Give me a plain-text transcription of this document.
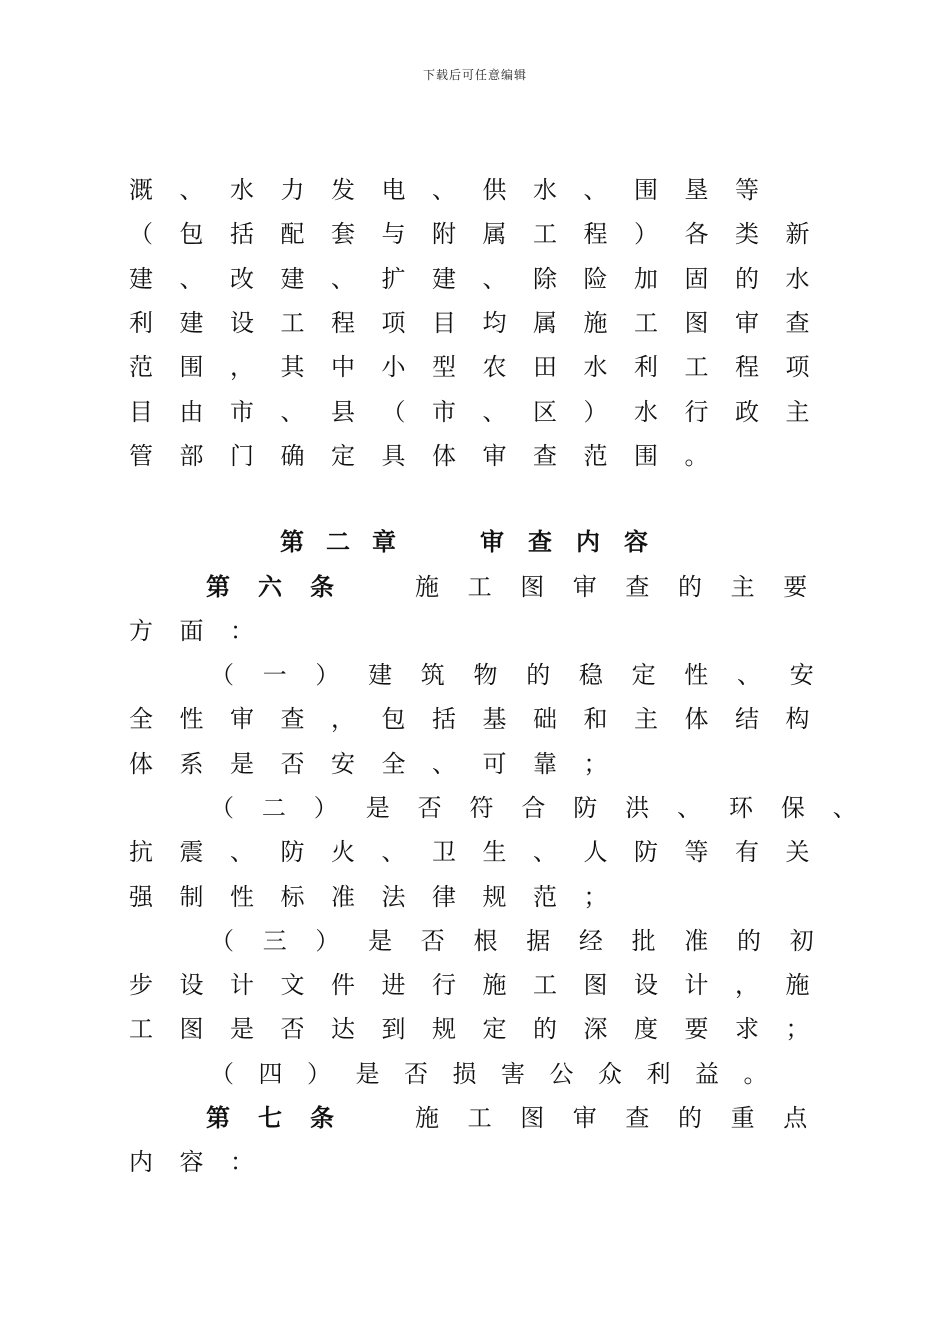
下载后可任意编辑
溉	、	水	力	发	电	、	供	水	、	围	垦	等
（	包	括	配	套	与	附	属	工	程	）	各	类	新
建	、	改	建	、	扩	建	、	除	险	加	固	的	水
利	建	设	工	程	项	目	均	属	施	工	图	审	查
范	围	，	其	中	小	型	农	田	水	利	工	程	项
目	由	市	、	县	（	市	、	区	）	水	行	政	主
管	部	门	确	定	具	体	审	查	范	围	。
第 二 章	审	查	内	容
第	六	条	施	工	图	审	查	的	主	要
方	面	：
（	一	）	建	筑	物	的	稳	定	性	、	安
全	性	审	查	，	包	括	基	础	和	主	体	结	构
体	系	是	否	安	全	、	可	靠	；
（	二	）	是	否	符	合	防	洪	、	环	保	、
抗	震	、	防	火	、	卫	生	、	人	防	等	有	关
强	制	性	标	准	法	律	规	范	；
（	三	）	是	否	根	据	经	批	准	的	初
步	设	计	文	件	进	行	施	工	图	设	计	，	施
工	图	是	否	达	到	规	定	的	深	度	要	求	；
（	四	）	是	否	损	害	公	众	利	益	。
第	七	条	施	工	图	审	查	的	重	点
内	容	：
